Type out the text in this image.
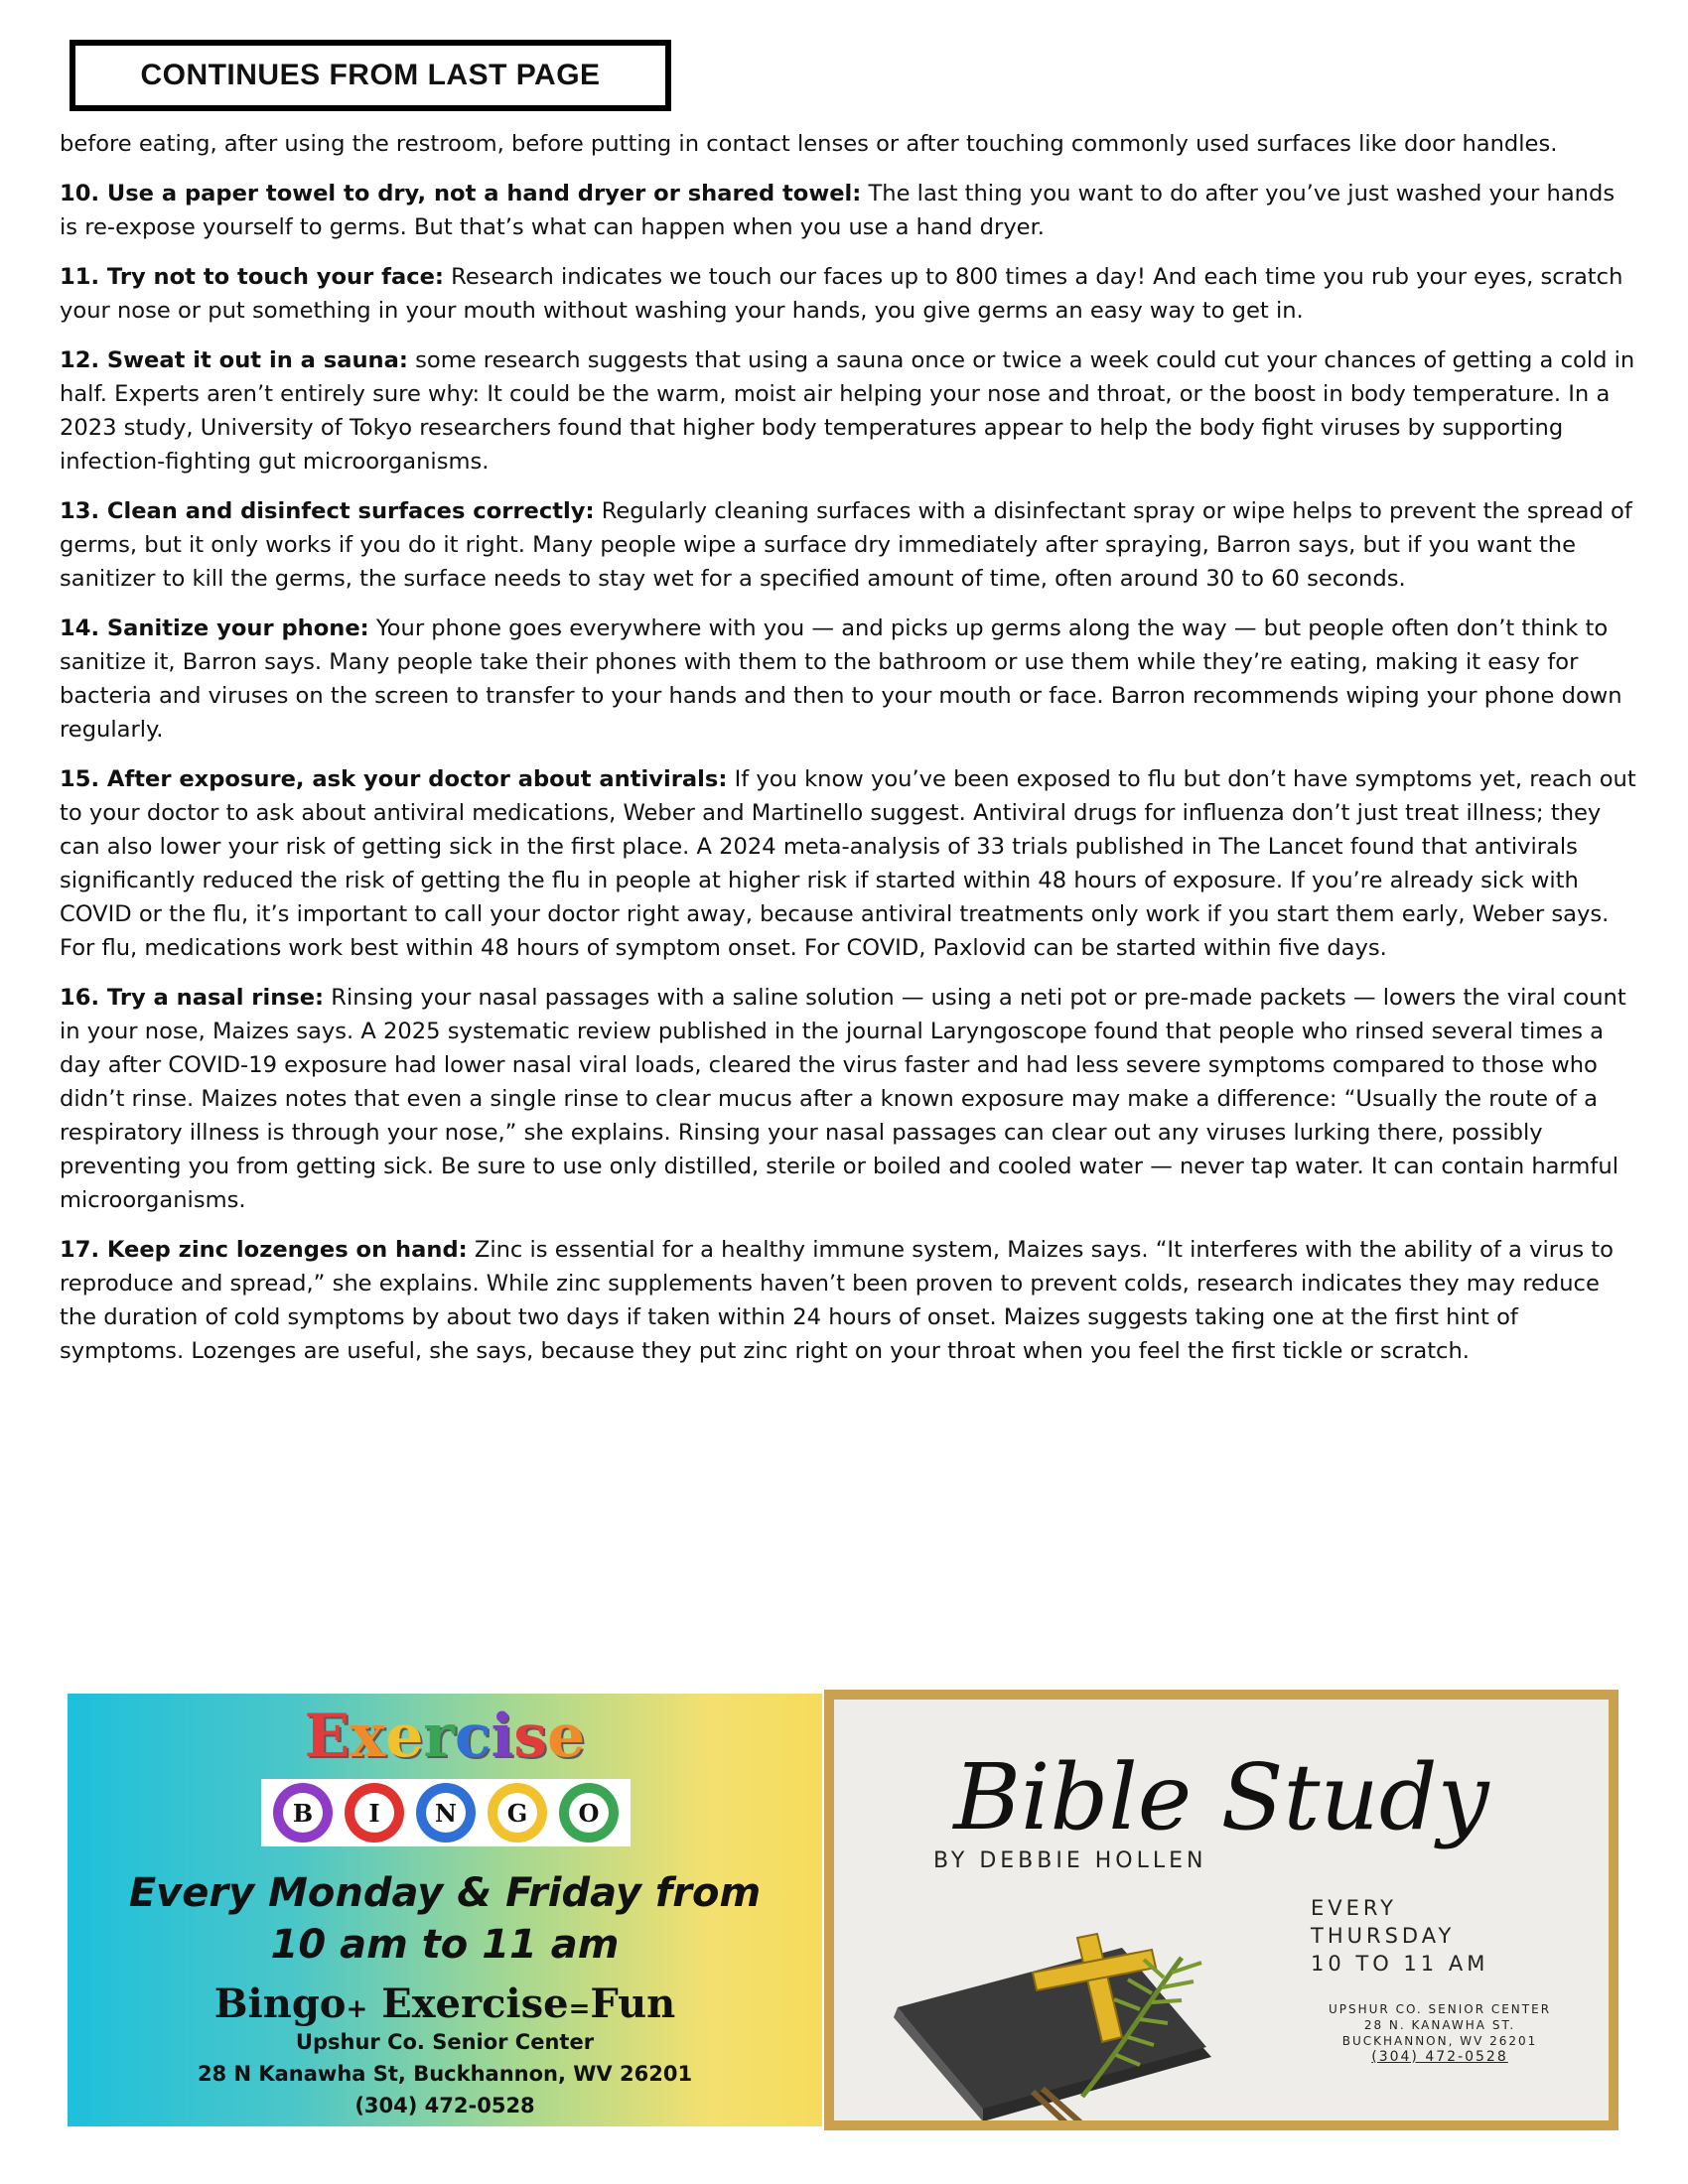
CONTINUES FROM LAST PAGE

before eating, after using the restroom, before putting in contact lenses or after touching commonly used surfaces like door handles.

10. Use a paper towel to dry, not a hand dryer or shared towel: The last thing you want to do after you’ve just washed your hands is re-expose yourself to germs. But that’s what can happen when you use a hand dryer.

11. Try not to touch your face: Research indicates we touch our faces up to 800 times a day! And each time you rub your eyes, scratch your nose or put something in your mouth without washing your hands, you give germs an easy way to get in.

12. Sweat it out in a sauna: some research suggests that using a sauna once or twice a week could cut your chances of getting a cold in half. Experts aren’t entirely sure why: It could be the warm, moist air helping your nose and throat, or the boost in body temperature. In a 2023 study, University of Tokyo researchers found that higher body temperatures appear to help the body fight viruses by supporting infection-fighting gut microorganisms.

13. Clean and disinfect surfaces correctly: Regularly cleaning surfaces with a disinfectant spray or wipe helps to prevent the spread of germs, but it only works if you do it right. Many people wipe a surface dry immediately after spraying, Barron says, but if you want the sanitizer to kill the germs, the surface needs to stay wet for a specified amount of time, often around 30 to 60 seconds.

14. Sanitize your phone: Your phone goes everywhere with you — and picks up germs along the way — but people often don’t think to sanitize it, Barron says. Many people take their phones with them to the bathroom or use them while they’re eating, making it easy for bacteria and viruses on the screen to transfer to your hands and then to your mouth or face. Barron recommends wiping your phone down regularly.

15. After exposure, ask your doctor about antivirals: If you know you’ve been exposed to flu but don’t have symptoms yet, reach out to your doctor to ask about antiviral medications, Weber and Martinello suggest. Antiviral drugs for influenza don’t just treat illness; they can also lower your risk of getting sick in the first place. A 2024 meta-analysis of 33 trials published in The Lancet found that antivirals significantly reduced the risk of getting the flu in people at higher risk if started within 48 hours of exposure. If you’re already sick with COVID or the flu, it’s important to call your doctor right away, because antiviral treatments only work if you start them early, Weber says. For flu, medications work best within 48 hours of symptom onset. For COVID, Paxlovid can be started within five days.

16. Try a nasal rinse: Rinsing your nasal passages with a saline solution — using a neti pot or pre-made packets — lowers the viral count in your nose, Maizes says. A 2025 systematic review published in the journal Laryngoscope found that people who rinsed several times a day after COVID-19 exposure had lower nasal viral loads, cleared the virus faster and had less severe symptoms compared to those who didn’t rinse. Maizes notes that even a single rinse to clear mucus after a known exposure may make a difference: “Usually the route of a respiratory illness is through your nose,” she explains. Rinsing your nasal passages can clear out any viruses lurking there, possibly preventing you from getting sick. Be sure to use only distilled, sterile or boiled and cooled water — never tap water. It can contain harmful microorganisms.

17. Keep zinc lozenges on hand: Zinc is essential for a healthy immune system, Maizes says. “It interferes with the ability of a virus to reproduce and spread,” she explains. While zinc supplements haven’t been proven to prevent colds, research indicates they may reduce the duration of cold symptoms by about two days if taken within 24 hours of onset. Maizes suggests taking one at the first hint of symptoms. Lozenges are useful, she says, because they put zinc right on your throat when you feel the first tickle or scratch.

Exercise
B	I	N	G	O
Every Monday & Friday from
10 am to 11 am
Bingo+ Exercise=Fun
Upshur Co. Senior Center
28 N Kanawha St, Buckhannon, WV 26201
(304) 472-0528
Bible Study
BY DEBBIE HOLLEN
EVERY
THURSDAY
10 TO 11 AM
UPSHUR CO. SENIOR CENTER
28 N. KANAWHA ST.
BUCKHANNON, WV 26201
(304) 472-0528
